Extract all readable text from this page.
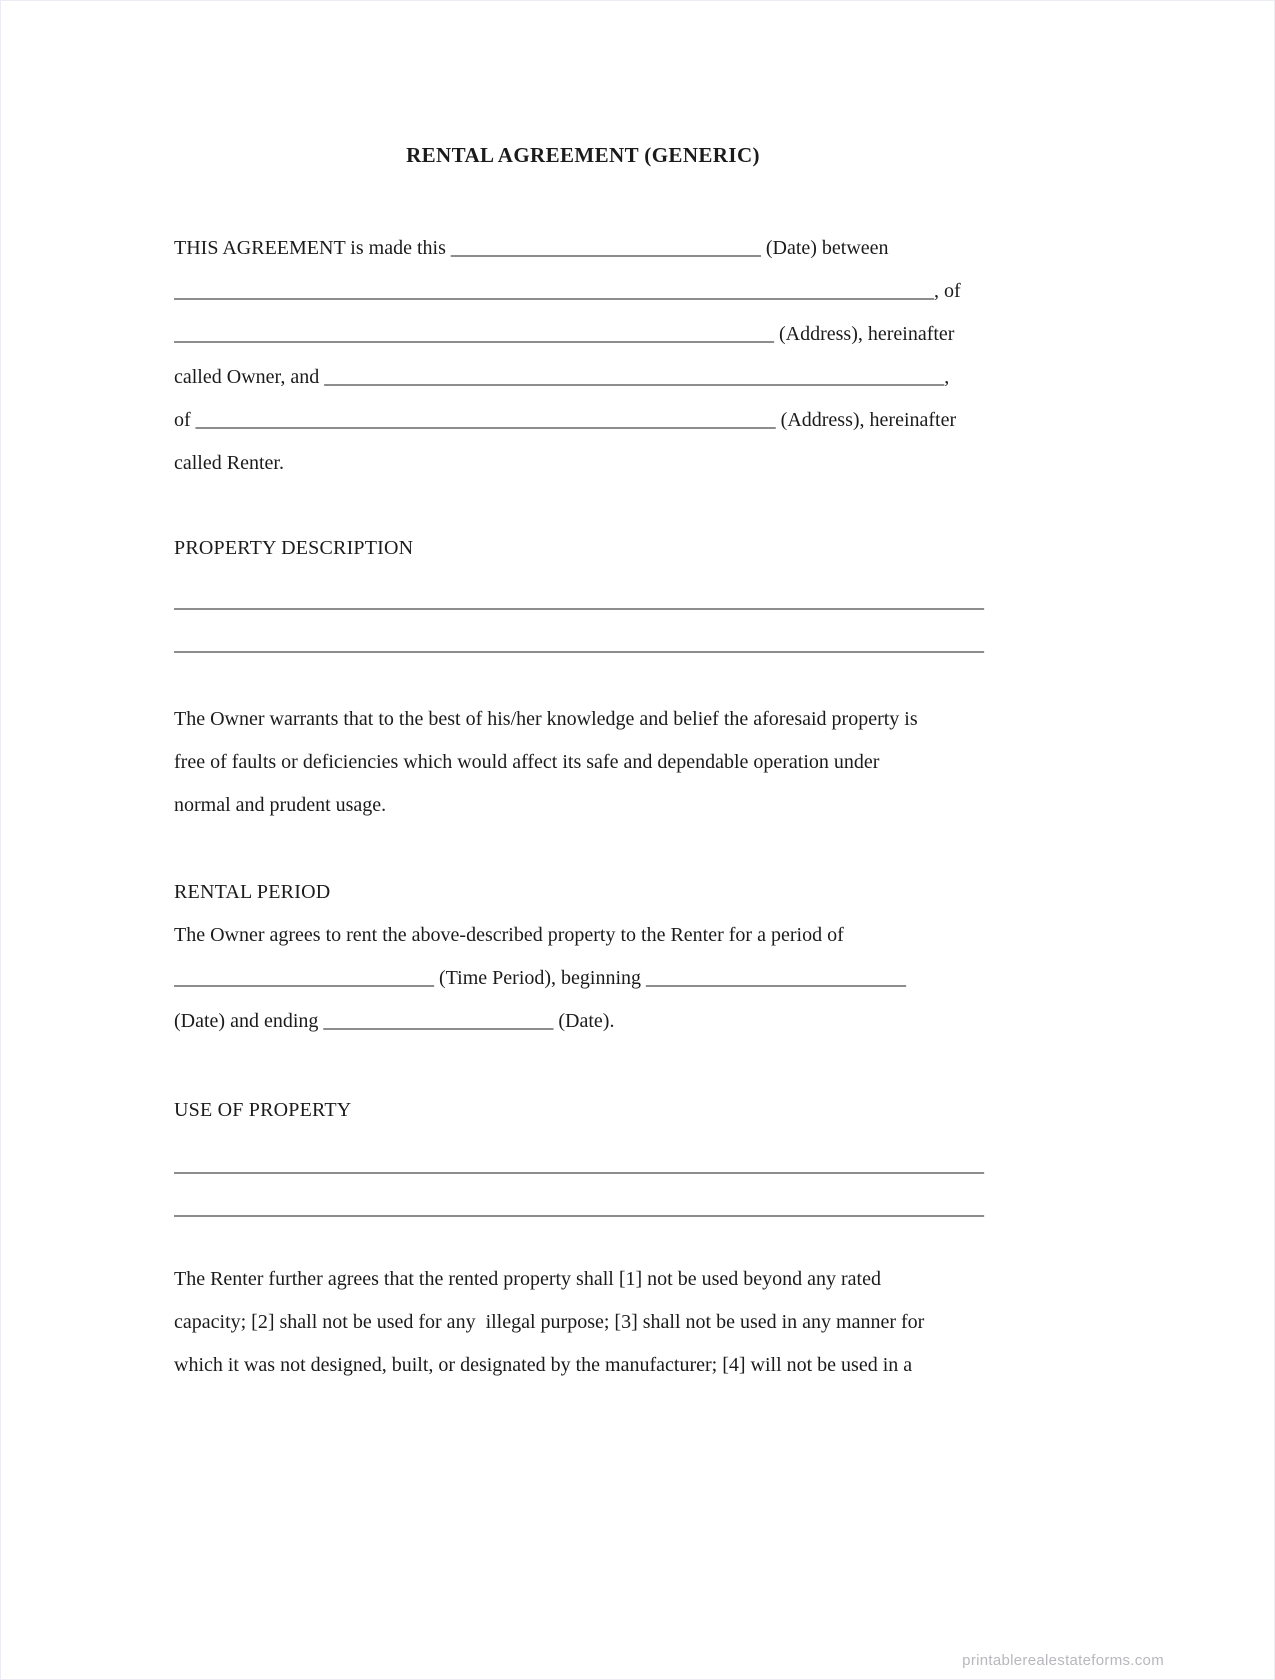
RENTAL AGREEMENT (GENERIC)
THIS AGREEMENT is made this _______________________________ (Date) between
____________________________________________________________________________, of
____________________________________________________________ (Address), hereinafter
called Owner, and ______________________________________________________________,
of __________________________________________________________ (Address), hereinafter
called Renter.
PROPERTY DESCRIPTION
_________________________________________________________________________________
_________________________________________________________________________________
The Owner warrants that to the best of his/her knowledge and belief the aforesaid property is
free of faults or deficiencies which would affect its safe and dependable operation under
normal and prudent usage.
RENTAL PERIOD
The Owner agrees to rent the above-described property to the Renter for a period of
__________________________ (Time Period), beginning __________________________
(Date) and ending _______________________ (Date).
USE OF PROPERTY
_________________________________________________________________________________
_________________________________________________________________________________
The Renter further agrees that the rented property shall [1] not be used beyond any rated
capacity; [2] shall not be used for any  illegal purpose; [3] shall not be used in any manner for
which it was not designed, built, or designated by the manufacturer; [4] will not be used in a
printablerealestateforms.com
